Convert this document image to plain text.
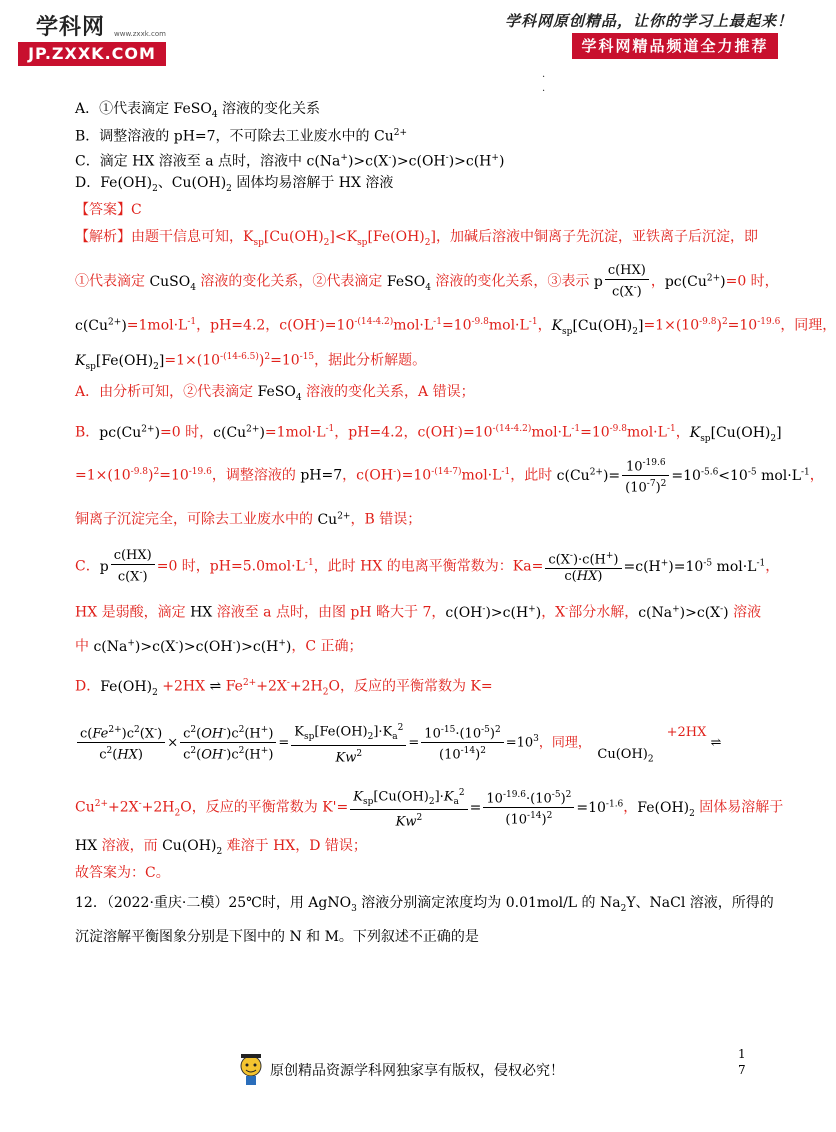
学科网 www.zxxk.com
JP.ZXXK.COM
学科网原创精品，让你的学习上最起来！
学科网精品频道全力推荐
·
·
A．①代表滴定 FeSO$_4$ 溶液的变化关系
B．调整溶液的 pH=7，不可除去工业废水中的 $Cu^{2+}$
C．滴定 HX 溶液至 a 点时，溶液中 c(Na+)>c(X-)>c(OH-)>c(H+)
D．$Fe(OH)_2$、$Cu(OH)_2$ 固体均易溶解于 HX 溶液
【答案】C
【解析】由题干信息可知，$K_{sp}[Cu(OH)_2]<K_{sp}[Fe(OH)_2]$，加碱后溶液中铜离子先沉淀，亚铁离子后沉淀，即
①代表滴定 CuSO$_4$ 溶液的变化关系，②代表滴定 FeSO$_4$ 溶液的变化关系，③表示 p $\frac{c(HX)}{c(X^-)}$ ，$pc(Cu^{2+})=0$ 时，
$c(Cu^{2+})=1mol\cdot L^{-1}$，pH=4.2，$c(OH^-)=10^{-(14-4.2)}mol\cdot L^{-1}=10^{-9.8}mol\cdot L^{-1}$，$K_{sp}[Cu(OH)_2]=1\times(10^{-9.8})^2=10^{-19.6}$，同理，
$K_{sp}[Fe(OH)_2]=1\times(10^{-(14-6.5)})^2=10^{-15}$，据此分析解题。
A．由分析可知，②代表滴定 FeSO$_4$ 溶液的变化关系，A 错误；
B．$pc(Cu^{2+})=0$ 时，$c(Cu^{2+})=1mol\cdot L^{-1}$，pH=4.2，$c(OH^-)=10^{-(14-4.2)}mol\cdot L^{-1}=10^{-9.8}mol\cdot L^{-1}$，$K_{sp}[Cu(OH)_2]$
$=1\times(10^{-9.8})^2=10^{-19.6}$，调整溶液的 pH=7，$c(OH^-)=10^{-(14-7)}mol\cdot L^{-1}$，此时 $c(Cu^{2+})= \frac{10^{-19.6}}{(10^{-7})^2} =10^{-5.6}<10^{-5}$ $mol\cdot L^{-1}$，
铜离子沉淀完全，可除去工业废水中的 $Cu^{2+}$，B 错误；
C．p $\frac{c(HX)}{c(X^-)} =0$ 时，$pH=5.0mol\cdot L^{-1}$，此时 HX 的电离平衡常数为：$Ka= \frac{c(X^-)\cdot c(H^+)}{c(HX)} =c(H^+)=10^{-5}$ $mol\cdot L^{-1}$，
HX 是弱酸，滴定 HX 溶液至 a 点时，由图 pH 略大于 7，c(OH-)>c(H+)，X-部分水解，c(Na+)>c(X-) 溶液
中 c(Na+)>c(X-)>c(OH-)>c(H+)，C 正确；
D．$Fe(OH)_2 +2HX$ ⇌ $Fe^{2+}+2X^-+2H_2O$，反应的平衡常数为 K=
$\frac{c(Fe^{2+})c^2(X^-)}{c^2(HX)} \times \frac{c^2(OH^-)c^2(H^+)}{c^2(OH^-)c^2(H^+)} = \frac{K_{sp}[Fe(OH)_2]\cdot K_a^2}{Kw^2} = \frac{10^{-15}\cdot(10^{-5})^2}{(10^{-14})^2} =10^3$，同理，　$Cu(OH)_2$　+2HX ⇌
$Cu^{2+}+2X^-+2H_2O$，反应的平衡常数为 $K'= \frac{K_{sp}[Cu(OH)_2]\cdot K_a^2}{Kw^2} = \frac{10^{-19.6}\cdot(10^{-5})^2}{(10^{-14})^2} =10^{-1.6}$，$Fe(OH)_2$ 固体易溶解于
HX 溶液，而 $Cu(OH)_2$ 难溶于 HX，D 错误；
故答案为：C。
12．（2022·重庆·二模）25℃时，用 AgNO$_3$ 溶液分别滴定浓度均为 0.01mol/L 的 $Na_2Y$、NaCl 溶液，所得的
沉淀溶解平衡图象分别是下图中的 N 和 M。下列叙述不正确的是
原创精品资源学科网独家享有版权，侵权必究！
1
7
